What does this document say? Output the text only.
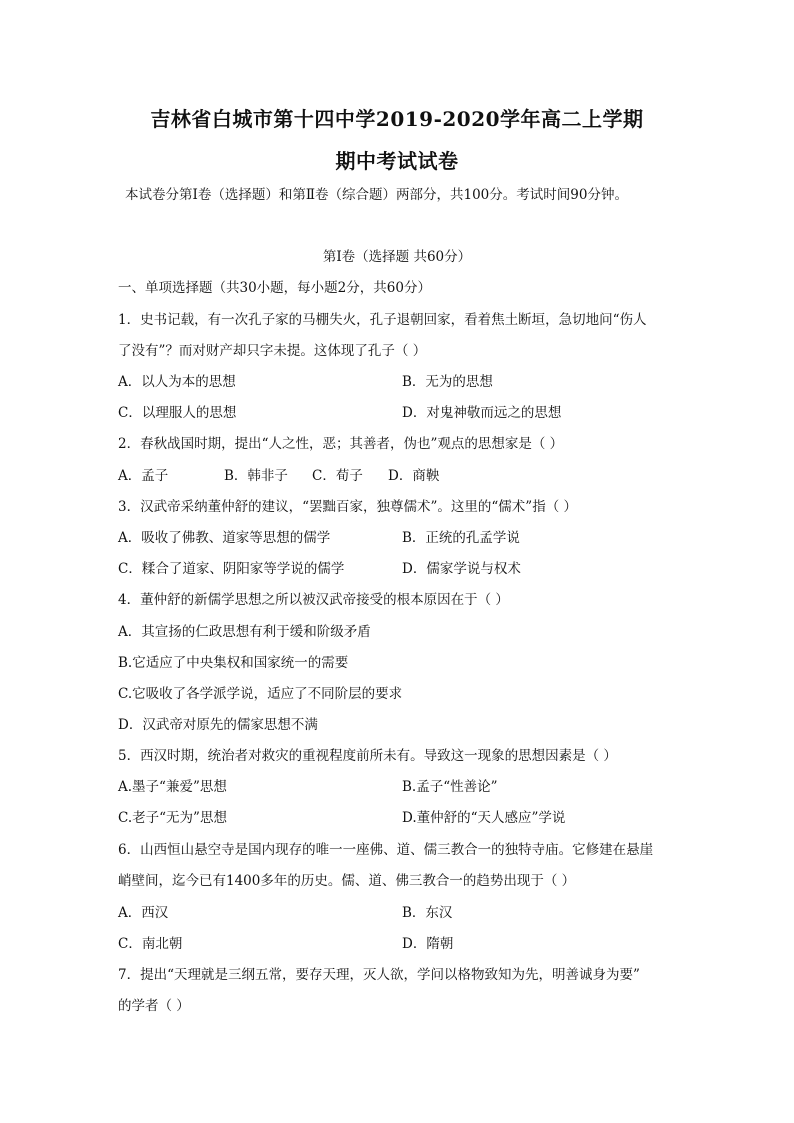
吉林省白城市第十四中学2019-2020学年高二上学期
期中考试试卷
本试卷分第Ⅰ卷（选择题）和第Ⅱ卷（综合题）两部分，共100分。考试时间90分钟。
第Ⅰ卷（选择题 共60分）
一、单项选择题（共30小题，每小题2分，共60分）
1．史书记载，有一次孔子家的马棚失火，孔子退朝回家，看着焦土断垣，急切地问“伤人
了没有”？而对财产却只字未提。这体现了孔子（ ）
A．以人为本的思想	B．无为的思想
C．以理服人的思想	D．对鬼神敬而远之的思想
2．春秋战国时期，提出“人之性，恶；其善者，伪也”观点的思想家是（ ）
A．孟子	B．韩非子 C．荀子 D．商鞅
3．汉武帝采纳董仲舒的建议，“罢黜百家，独尊儒术”。这里的“儒术”指（ ）
A．吸收了佛教、道家等思想的儒学	B．正统的孔孟学说
C．糅合了道家、阴阳家等学说的儒学	D．儒家学说与权术
4．董仲舒的新儒学思想之所以被汉武帝接受的根本原因在于（ ）
A．其宣扬的仁政思想有利于缓和阶级矛盾
B.它适应了中央集权和国家统一的需要
C.它吸收了各学派学说，适应了不同阶层的要求
D．汉武帝对原先的儒家思想不满
5．西汉时期，统治者对救灾的重视程度前所未有。导致这一现象的思想因素是（ ）
A.墨子“兼爱”思想	B.孟子“性善论”
C.老子“无为”思想	D.董仲舒的“天人感应”学说
6．山西恒山悬空寺是国内现存的唯一一座佛、道、儒三教合一的独特寺庙。它修建在悬崖
峭壁间，迄今已有1400多年的历史。儒、道、佛三教合一的趋势出现于（ ）
A．西汉	B．东汉
C．南北朝	D．隋朝
7．提出“天理就是三纲五常，要存天理，灭人欲，学问以格物致知为先，明善诚身为要”
的学者（ ）
